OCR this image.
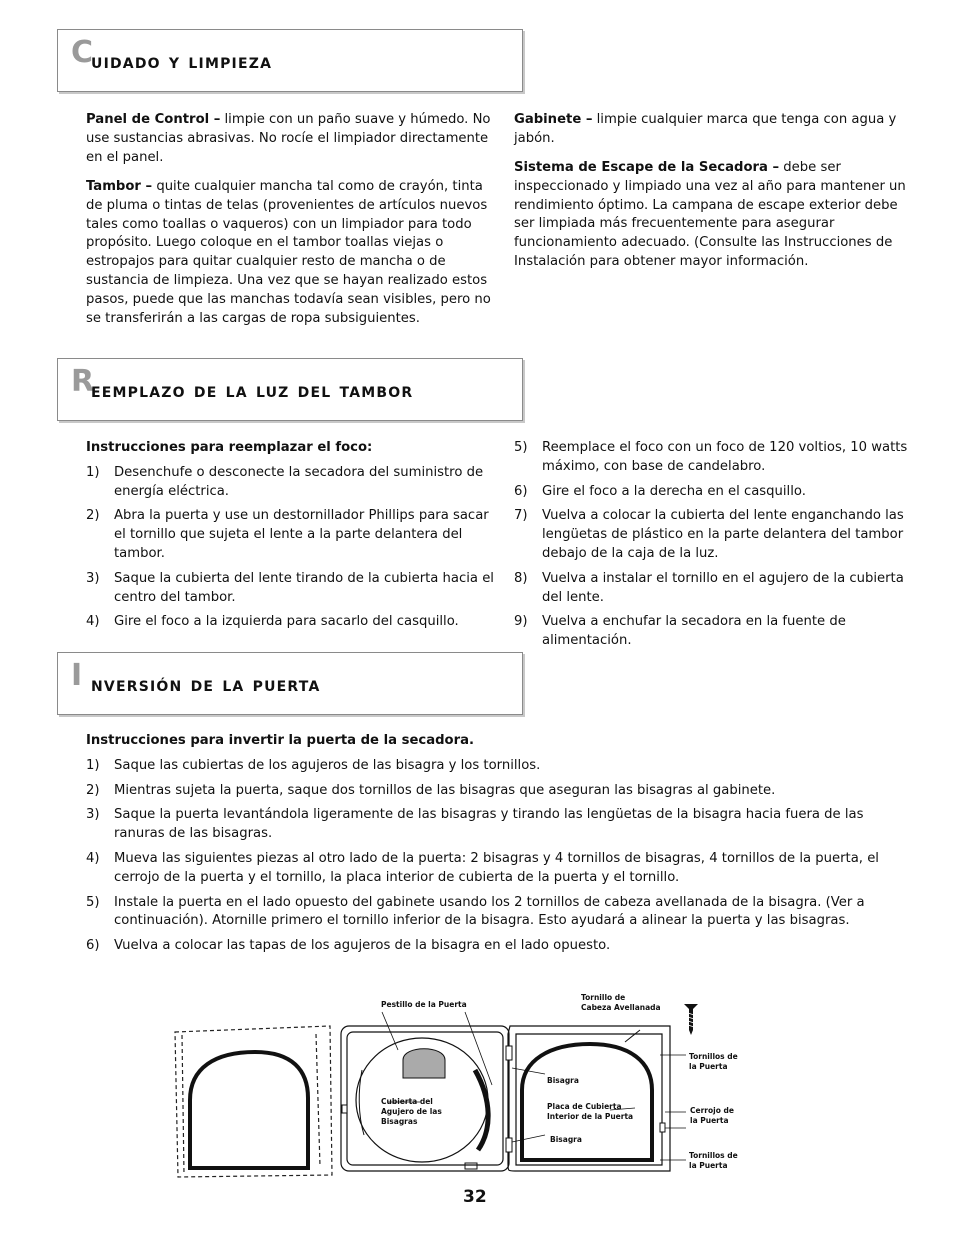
C
uidado y limpieza
Panel de Control – limpie con un paño suave y húmedo. No use sustancias abrasivas. No rocíe el limpiador directamente en el panel.
Tambor – quite cualquier mancha tal como de crayón, tinta de pluma o tintas de telas (provenientes de artículos nuevos tales como toallas o vaqueros) con un limpiador para todo propósito. Luego coloque en el tambor toallas viejas o estropajos para quitar cualquier resto de mancha o de sustancia de limpieza. Una vez que se hayan realizado estos pasos, puede que las manchas todavía sean visibles, pero no se transferirán a las cargas de ropa subsiguientes.
Gabinete – limpie cualquier marca que tenga con agua y jabón.
Sistema de Escape de la Secadora – debe ser inspeccionado y limpiado una vez al año para mantener un rendimiento óptimo. La campana de escape exterior debe ser limpiada más frecuentemente para asegurar funcionamiento adecuado. (Consulte las Instrucciones de Instalación para obtener mayor información.
R
eemplazo de la luz del tambor
Instrucciones para reemplazar el foco:
1) Desenchufe o desconecte la secadora del suministro de energía eléctrica.
2) Abra la puerta y use un destornillador Phillips para sacar el tornillo que sujeta el lente a la parte delantera del tambor.
3) Saque la cubierta del lente tirando de la cubierta hacia el centro del tambor.
4) Gire el foco a la izquierda para sacarlo del casquillo.
5) Reemplace el foco con un foco de 120 voltios, 10 watts máximo, con base de candelabro.
6) Gire el foco a la derecha en el casquillo.
7) Vuelva a colocar la cubierta del lente enganchando las lengüetas de plástico en la parte delantera del tambor debajo de la caja de la luz.
8) Vuelva a instalar el tornillo en el agujero de la cubierta del lente.
9) Vuelva a enchufar la secadora en la fuente de alimentación.
I nversión de la puerta
Instrucciones para invertir la puerta de la secadora.
1) Saque las cubiertas de los agujeros de las bisagra y los tornillos.
2) Mientras sujeta la puerta, saque dos tornillos de las bisagras que aseguran las bisagras al gabinete.
3) Saque la puerta levantándola ligeramente de las bisagras y tirando las lengüetas de la bisagra hacia fuera de las ranuras de las bisagras.
4) Mueva las siguientes piezas al otro lado de la puerta: 2 bisagras y 4 tornillos de bisagras, 4 tornillos de la puerta, el cerrojo de la puerta y el tornillo, la placa interior de cubierta de la puerta y el tornillo.
5) Instale la puerta en el lado opuesto del gabinete usando los 2 tornillos de cabeza avellanada de la bisagra. (Ver a continuación). Atornille primero el tornillo inferior de la bisagra. Esto ayudará a alinear la puerta y las bisagras.
6) Vuelva a colocar las tapas de los agujeros de la bisagra en el lado opuesto.
Pestillo de la Puerta
Tornillo de
Cabeza Avellanada
Tornillos de
la Puerta
Bisagra
Cubierta del
Agujero de las
Bisagras
Placa de Cubierta
Interior de la Puerta
Cerrojo de
la Puerta
Bisagra
Tornillos de
la Puerta
32
